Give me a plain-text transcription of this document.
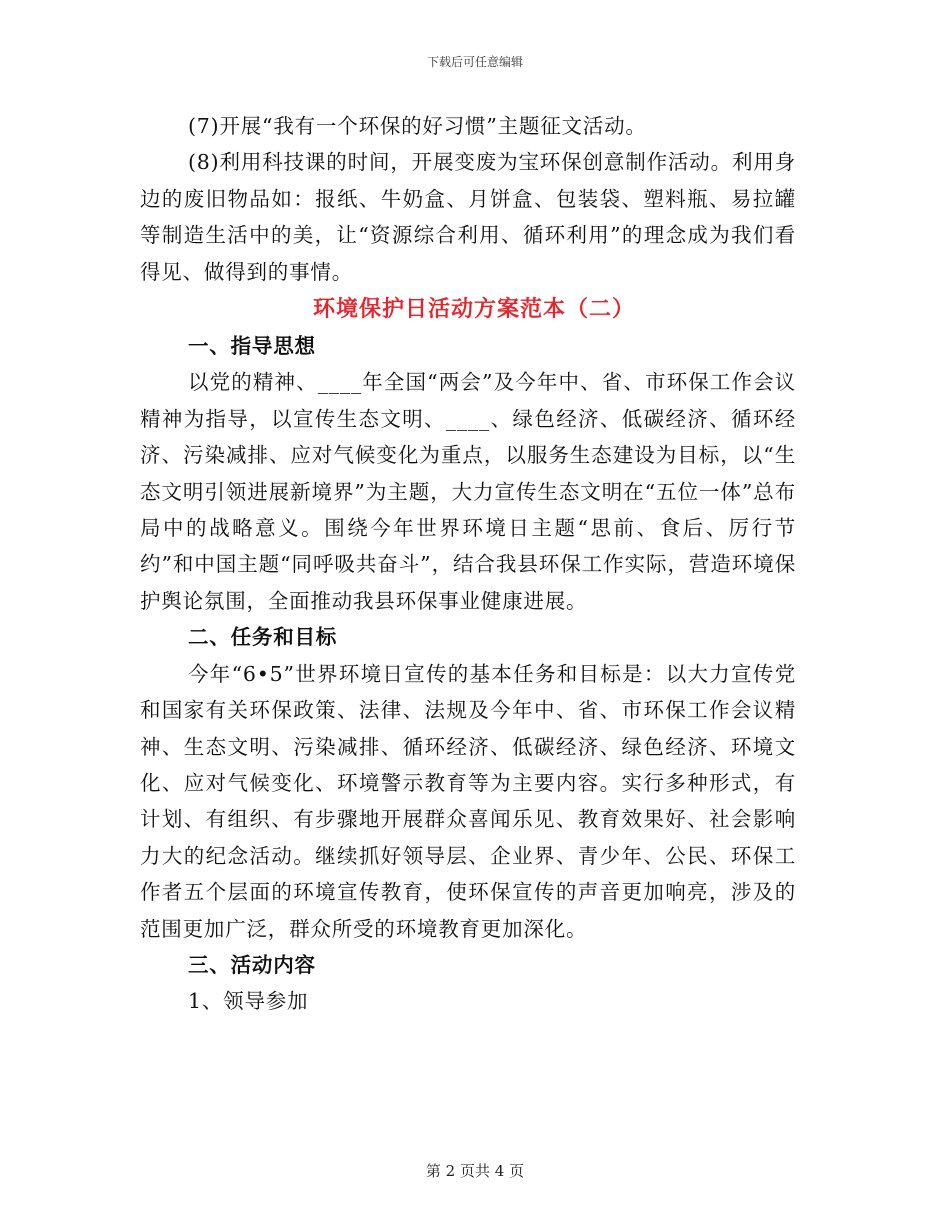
下载后可任意编辑

(7)开展“我有一个环保的好习惯”主题征文活动。

(8)利用科技课的时间，开展变废为宝环保创意制作活动。利用身边的废旧物品如：报纸、牛奶盒、月饼盒、包装袋、塑料瓶、易拉罐等制造生活中的美，让“资源综合利用、循环利用”的理念成为我们看得见、做得到的事情。

环境保护日活动方案范本（二）

一、指导思想

以党的精神、____年全国“两会”及今年中、省、市环保工作会议精神为指导，以宣传生态文明、____、绿色经济、低碳经济、循环经济、污染减排、应对气候变化为重点，以服务生态建设为目标，以“生态文明引领进展新境界”为主题，大力宣传生态文明在“五位一体”总布局中的战略意义。围绕今年世界环境日主题“思前、食后、厉行节约”和中国主题“同呼吸共奋斗”，结合我县环保工作实际，营造环境保护舆论氛围，全面推动我县环保事业健康进展。

二、任务和目标

今年“6•5”世界环境日宣传的基本任务和目标是：以大力宣传党和国家有关环保政策、法律、法规及今年中、省、市环保工作会议精神、生态文明、污染减排、循环经济、低碳经济、绿色经济、环境文化、应对气候变化、环境警示教育等为主要内容。实行多种形式，有计划、有组织、有步骤地开展群众喜闻乐见、教育效果好、社会影响力大的纪念活动。继续抓好领导层、企业界、青少年、公民、环保工作者五个层面的环境宣传教育，使环保宣传的声音更加响亮，涉及的范围更加广泛，群众所受的环境教育更加深化。

三、活动内容

1、领导参加

第 2 页共 4 页
